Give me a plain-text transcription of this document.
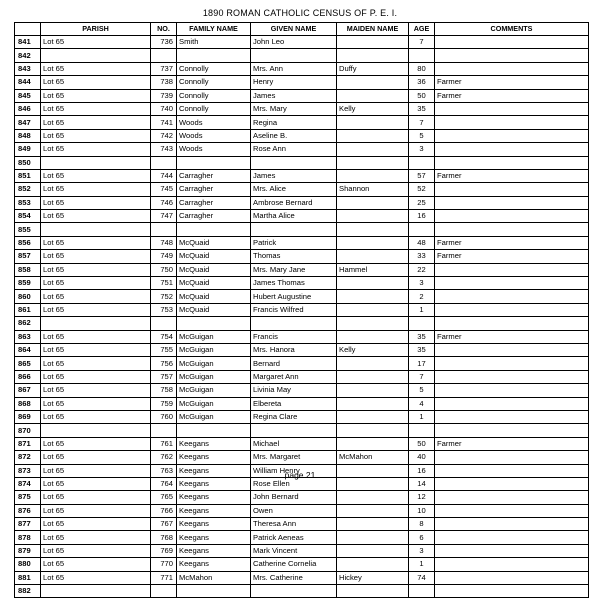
1890 ROMAN CATHOLIC CENSUS OF P. E. I.
	PARISH	NO.	FAMILY NAME	GIVEN NAME	MAIDEN NAME	AGE	COMMENTS
841	Lot 65	736	Smith	John Leo		7	
842							
843	Lot 65	737	Connolly	Mrs. Ann	Duffy	80	
844	Lot 65	738	Connolly	Henry		36	Farmer
845	Lot 65	739	Connolly	James		50	Farmer
846	Lot 65	740	Connolly	Mrs. Mary	Kelly	35	
847	Lot 65	741	Woods	Regina		7	
848	Lot 65	742	Woods	Aseline B.		5	
849	Lot 65	743	Woods	Rose Ann		3	
850							
851	Lot 65	744	Carragher	James		57	Farmer
852	Lot 65	745	Carragher	Mrs. Alice	Shannon	52	
853	Lot 65	746	Carragher	Ambrose Bernard		25	
854	Lot 65	747	Carragher	Martha Alice		16	
855							
856	Lot 65	748	McQuaid	Patrick		48	Farmer
857	Lot 65	749	McQuaid	Thomas		33	Farmer
858	Lot 65	750	McQuaid	Mrs. Mary Jane	Hammel	22	
859	Lot 65	751	McQuaid	James Thomas		3	
860	Lot 65	752	McQuaid	Hubert Augustine		2	
861	Lot 65	753	McQuaid	Francis Wilfred		1	
862							
863	Lot 65	754	McGuigan	Francis		35	Farmer
864	Lot 65	755	McGuigan	Mrs. Hanora	Kelly	35	
865	Lot 65	756	McGuigan	Bernard		17	
866	Lot 65	757	McGuigan	Margaret Ann		7	
867	Lot 65	758	McGuigan	Livinia May		5	
868	Lot 65	759	McGuigan	Elbereta		4	
869	Lot 65	760	McGuigan	Regina Clare		1	
870							
871	Lot 65	761	Keegans	Michael		50	Farmer
872	Lot 65	762	Keegans	Mrs. Margaret	McMahon	40	
873	Lot 65	763	Keegans	William Henry		16	
874	Lot 65	764	Keegans	Rose Ellen		14	
875	Lot 65	765	Keegans	John Bernard		12	
876	Lot 65	766	Keegans	Owen		10	
877	Lot 65	767	Keegans	Theresa Ann		8	
878	Lot 65	768	Keegans	Patrick Aeneas		6	
879	Lot 65	769	Keegans	Mark Vincent		3	
880	Lot 65	770	Keegans	Catherine Cornelia		1	
881	Lot 65	771	McMahon	Mrs. Catherine	Hickey	74	
882							
page 21
